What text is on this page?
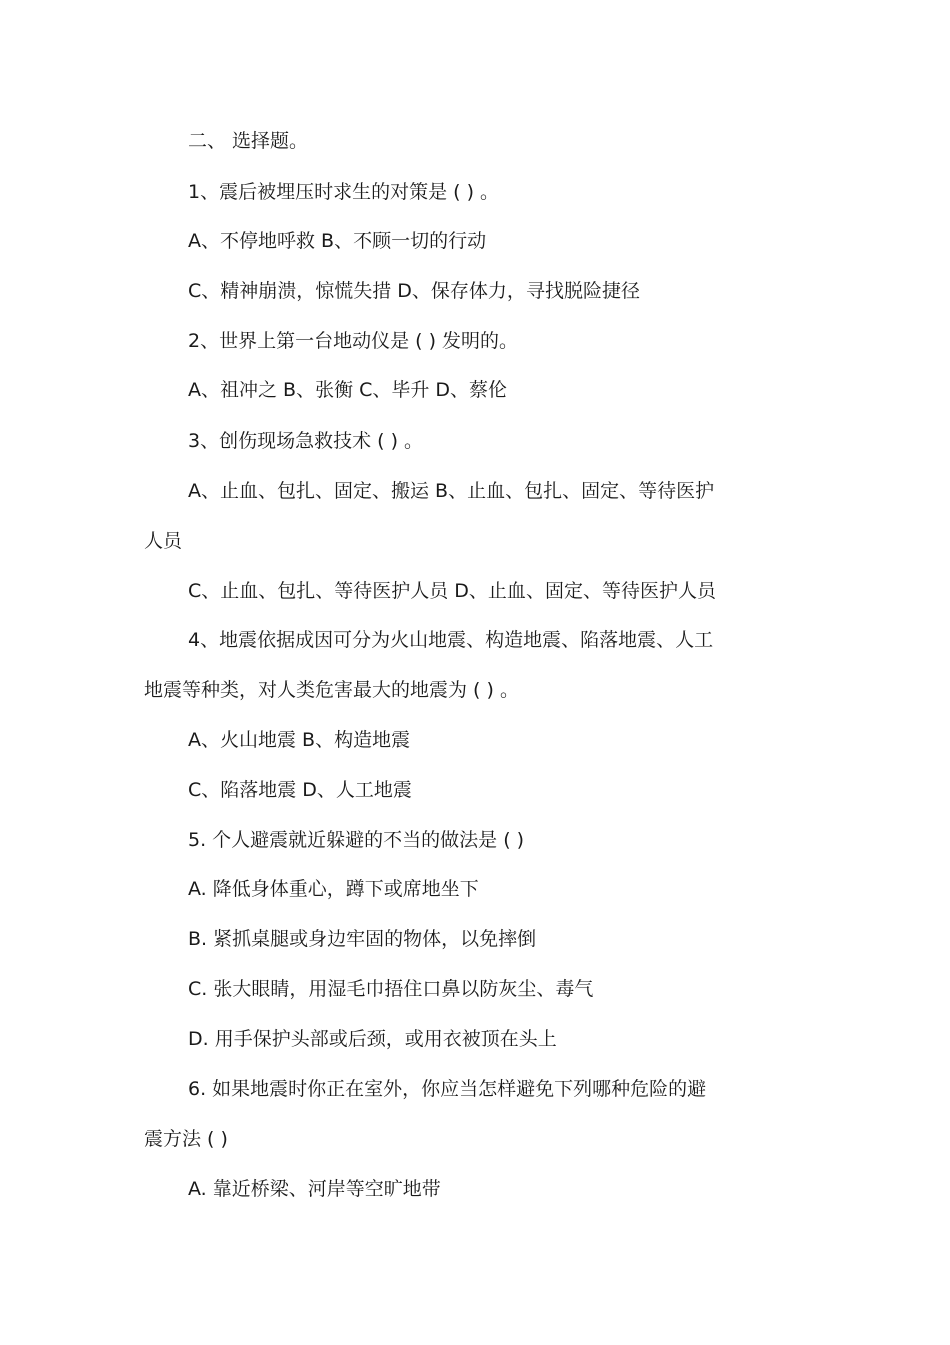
二、 选择题。

1、震后被埋压时求生的对策是 ( ) 。

A、不停地呼救 B、不顾一切的行动

C、精神崩溃，惊慌失措 D、保存体力，寻找脱险捷径

2、世界上第一台地动仪是 ( ) 发明的。

A、祖冲之 B、张衡 C、毕升 D、蔡伦

3、创伤现场急救技术 ( ) 。

A、止血、包扎、固定、搬运 B、止血、包扎、固定、等待医护

人员

C、止血、包扎、等待医护人员 D、止血、固定、等待医护人员

4、地震依据成因可分为火山地震、构造地震、陷落地震、人工

地震等种类，对人类危害最大的地震为 ( ) 。

A、火山地震 B、构造地震

C、陷落地震 D、人工地震

5. 个人避震就近躲避的不当的做法是 ( )

A. 降低身体重心，蹲下或席地坐下

B. 紧抓桌腿或身边牢固的物体，以免摔倒

C. 张大眼睛，用湿毛巾捂住口鼻以防灰尘、毒气

D. 用手保护头部或后颈，或用衣被顶在头上

6. 如果地震时你正在室外，你应当怎样避免下列哪种危险的避

震方法 ( )

A. 靠近桥梁、河岸等空旷地带
